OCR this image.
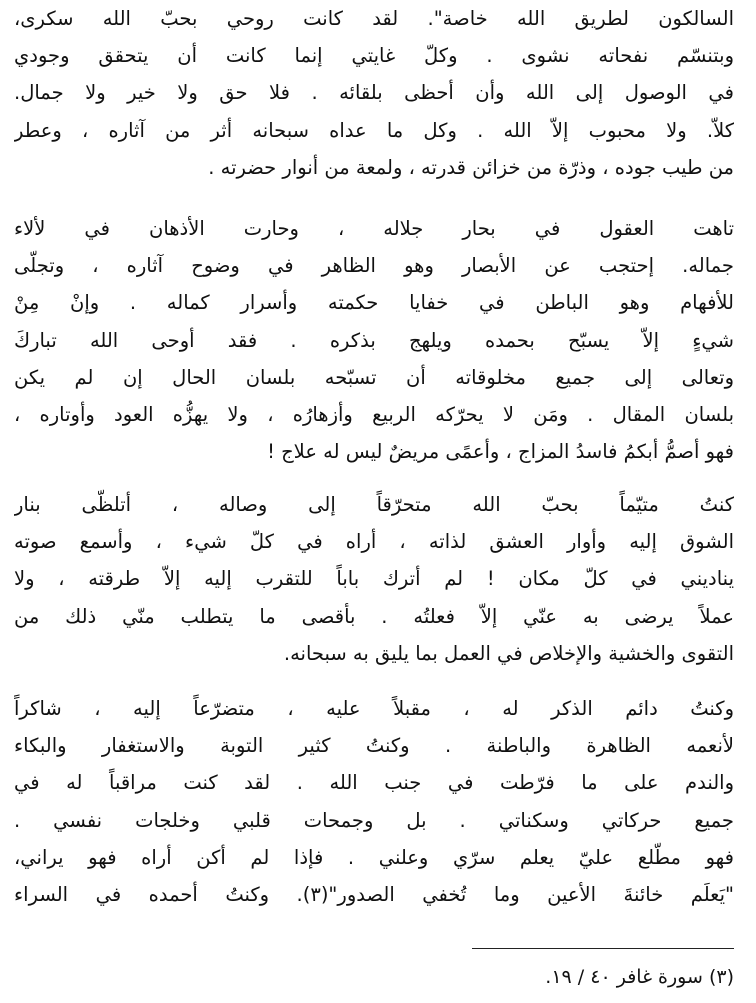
السالكون لطريق الله خاصة". لقد كانت روحي بحبّ الله سكرى،
وبتنسّم نفحاته نشوى . وكلّ غايتي إنما كانت أن يتحقق وجودي
في الوصول إلى الله وأن أحظى بلقائه . فلا حق ولا خير ولا جمال.
كلاّ. ولا محبوب إلاّ الله . وكل ما عداه سبحانه أثر من آثاره ، وعطر
من طيب جوده ، وذرّة من خزائن قدرته ، ولمعة من أنوار حضرته .
تاهت العقول في بحار جلاله ، وحارت الأذهان في لألاء
جماله. إحتجب عن الأبصار وهو الظاهر في وضوح آثاره ، وتجلّى
للأفهام وهو الباطن في خفايا حكمته وأسرار كماله . وإنْ مِنْ
شيءٍ إلاّ يسبّح بحمده ويلهج بذكره . فقد أوحى الله تباركَ
وتعالى إلى جميع مخلوقاته أن تسبّحه بلسان الحال إن لم يكن
بلسان المقال . ومَن لا يحرّكه الربيع وأزهارُه ، ولا يهزُّه العود وأوتاره ،
فهو أصمُّ أبكمُ فاسدُ المزاج ، وأعمًى مريضٌ ليس له علاج !
كنتُ متيّماً بحبّ الله متحرّقاً إلى وصاله ، أتلظّى بنار
الشوق إليه وأوار العشق لذاته ، أراه في كلّ شيء ، وأسمع صوته
يناديني في كلّ مكان ! لم أترك باباً للتقرب إليه إلاّ طرقته ، ولا
عملاً يرضى به عنّي إلاّ فعلتُه . بأقصى ما يتطلب منّي ذلك من
التقوى والخشية والإخلاص في العمل بما يليق به سبحانه.
وكنتُ دائم الذكر له ، مقبلاً عليه ، متضرّعاً إليه ، شاكراً
لأنعمه الظاهرة والباطنة . وكنتُ كثير التوبة والاستغفار والبكاء
والندم على ما فرّطت في جنب الله . لقد كنت مراقباً له في
جميع حركاتي وسكناتي . بل وجمحات قلبي وخلجات نفسي .
فهو مطّلع عليّ يعلم سرّي وعلني . فإذا لم أكن أراه فهو يراني،
"يَعلَم خائنةَ الأعين وما تُخفي الصدور"(٣). وكنتُ أحمده في السراء
(٣) سورة غافر ٤٠ / ١٩.
